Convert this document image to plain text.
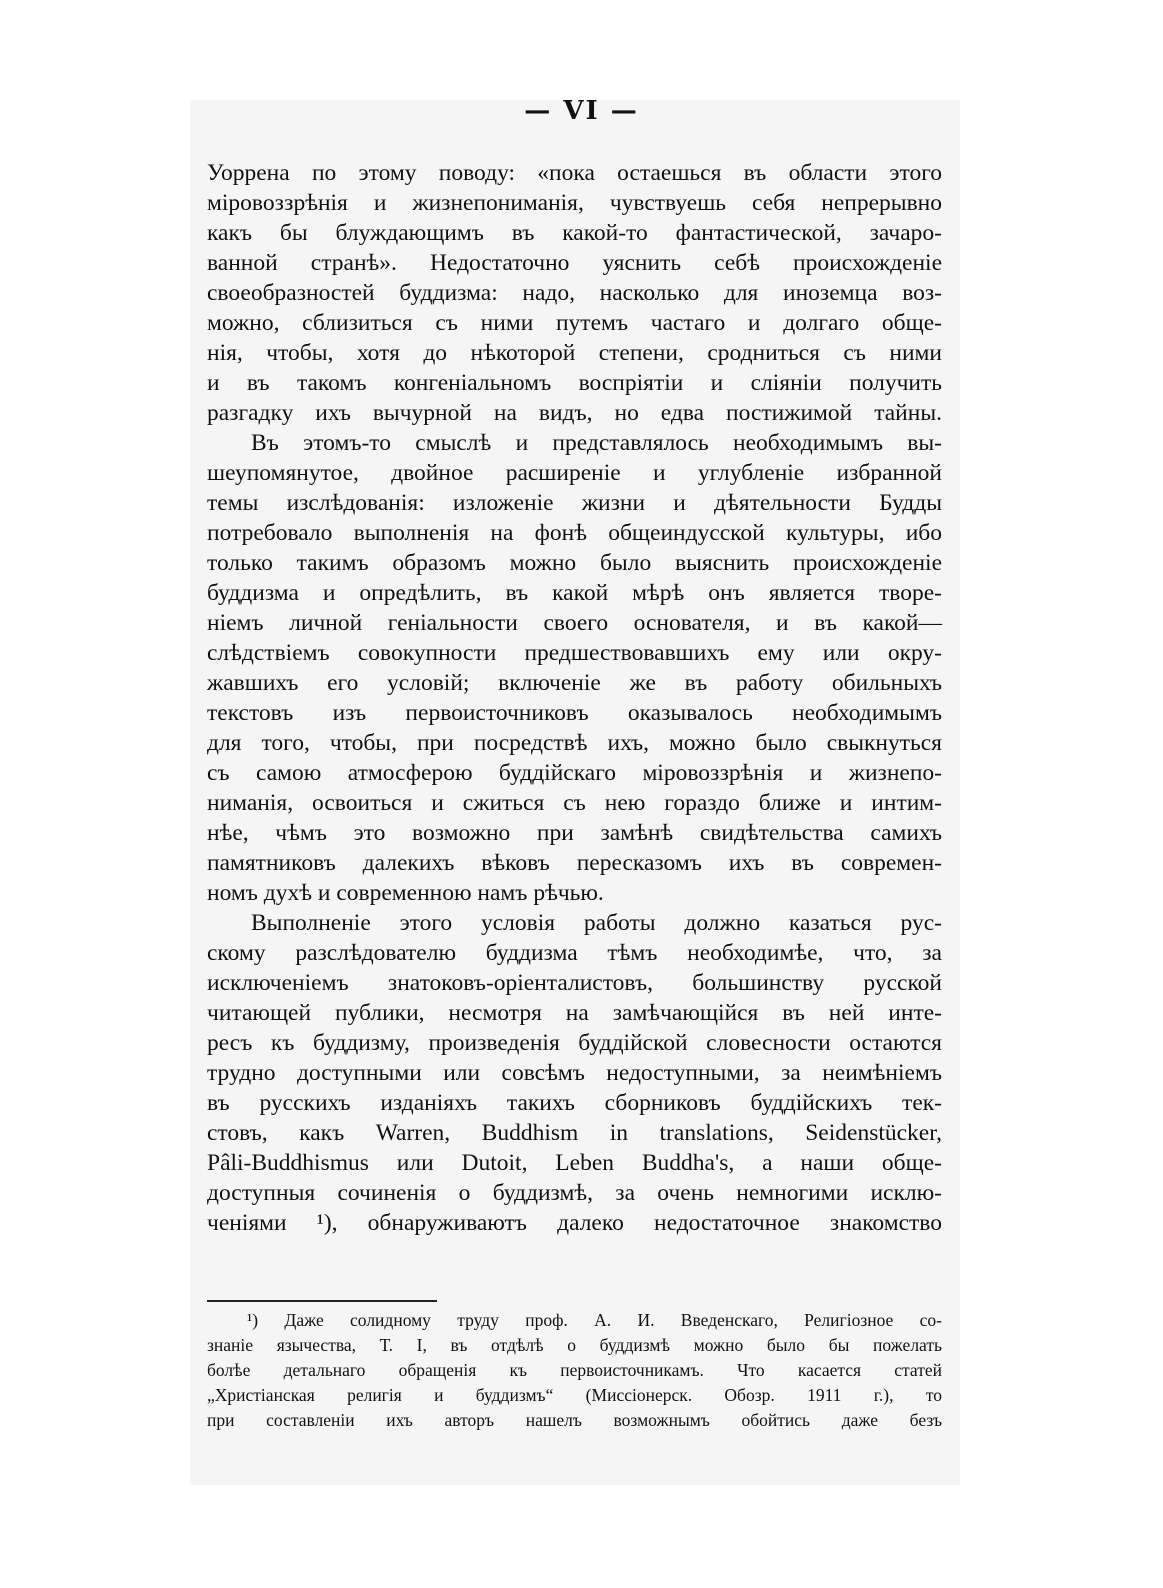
— VI —
Уоррена по этому поводу: «пока остаешься въ области этого
міровоззрѣнія и жизнепониманія, чувствуешь себя непрерывно
какъ бы блуждающимъ въ какой-то фантастической, зачаро-
ванной странѣ». Недостаточно уяснить себѣ происхожденіе
своеобразностей буддизма: надо, насколько для иноземца воз-
можно, сблизиться съ ними путемъ частаго и долгаго обще-
нія, чтобы, хотя до нѣкоторой степени, сродниться съ ними
и въ такомъ конгеніальномъ воспріятіи и сліяніи получить
разгадку ихъ вычурной на видъ, но едва постижимой тайны.
Въ этомъ-то смыслѣ и представлялось необходимымъ вы-
шеупомянутое, двойное расширеніе и углубленіе избранной
темы изслѣдованія: изложеніе жизни и дѣятельности Будды
потребовало выполненія на фонѣ общеиндусской культуры, ибо
только такимъ образомъ можно было выяснить происхожденіе
буддизма и опредѣлить, въ какой мѣрѣ онъ является творе-
ніемъ личной геніальности своего основателя, и въ какой—
слѣдствіемъ совокупности предшествовавшихъ ему или окру-
жавшихъ его условій; включеніе же въ работу обильныхъ
текстовъ изъ первоисточниковъ оказывалось необходимымъ
для того, чтобы, при посредствѣ ихъ, можно было свыкнуться
съ самою атмосферою буддійскаго міровоззрѣнія и жизнепо-
ниманія, освоиться и сжиться съ нею гораздо ближе и интим-
нѣе, чѣмъ это возможно при замѣнѣ свидѣтельства самихъ
памятниковъ далекихъ вѣковъ пересказомъ ихъ въ современ-
номъ духѣ и современною намъ рѣчью.
Выполненіе этого условія работы должно казаться рус-
скому разслѣдователю буддизма тѣмъ необходимѣе, что, за
исключеніемъ знатоковъ-оріенталистовъ, большинству русской
читающей публики, несмотря на замѣчающійся въ ней инте-
ресъ къ буддизму, произведенія буддійской словесности остаются
трудно доступными или совсѣмъ недоступными, за неимѣніемъ
въ русскихъ изданіяхъ такихъ сборниковъ буддійскихъ тек-
стовъ, какъ Warren, Buddhism in translations, Seidenstücker,
Pâli-Buddhismus или Dutoit, Leben Buddha's, а наши обще-
доступныя сочиненія о буддизмѣ, за очень немногими исклю-
ченіями ¹), обнаруживаютъ далеко недостаточное знакомство
¹) Даже солидному труду проф. А. И. Введенскаго, Религіозное со-
знаніе язычества, Т. I, въ отдѣлѣ о буддизмѣ можно было бы пожелать
болѣе детальнаго обращенія къ первоисточникамъ. Что касается статей
„Христіанская религія и буддизмъ“ (Миссіонерск. Обозр. 1911 г.), то
при составленіи ихъ авторъ нашелъ возможнымъ обойтись даже безъ
